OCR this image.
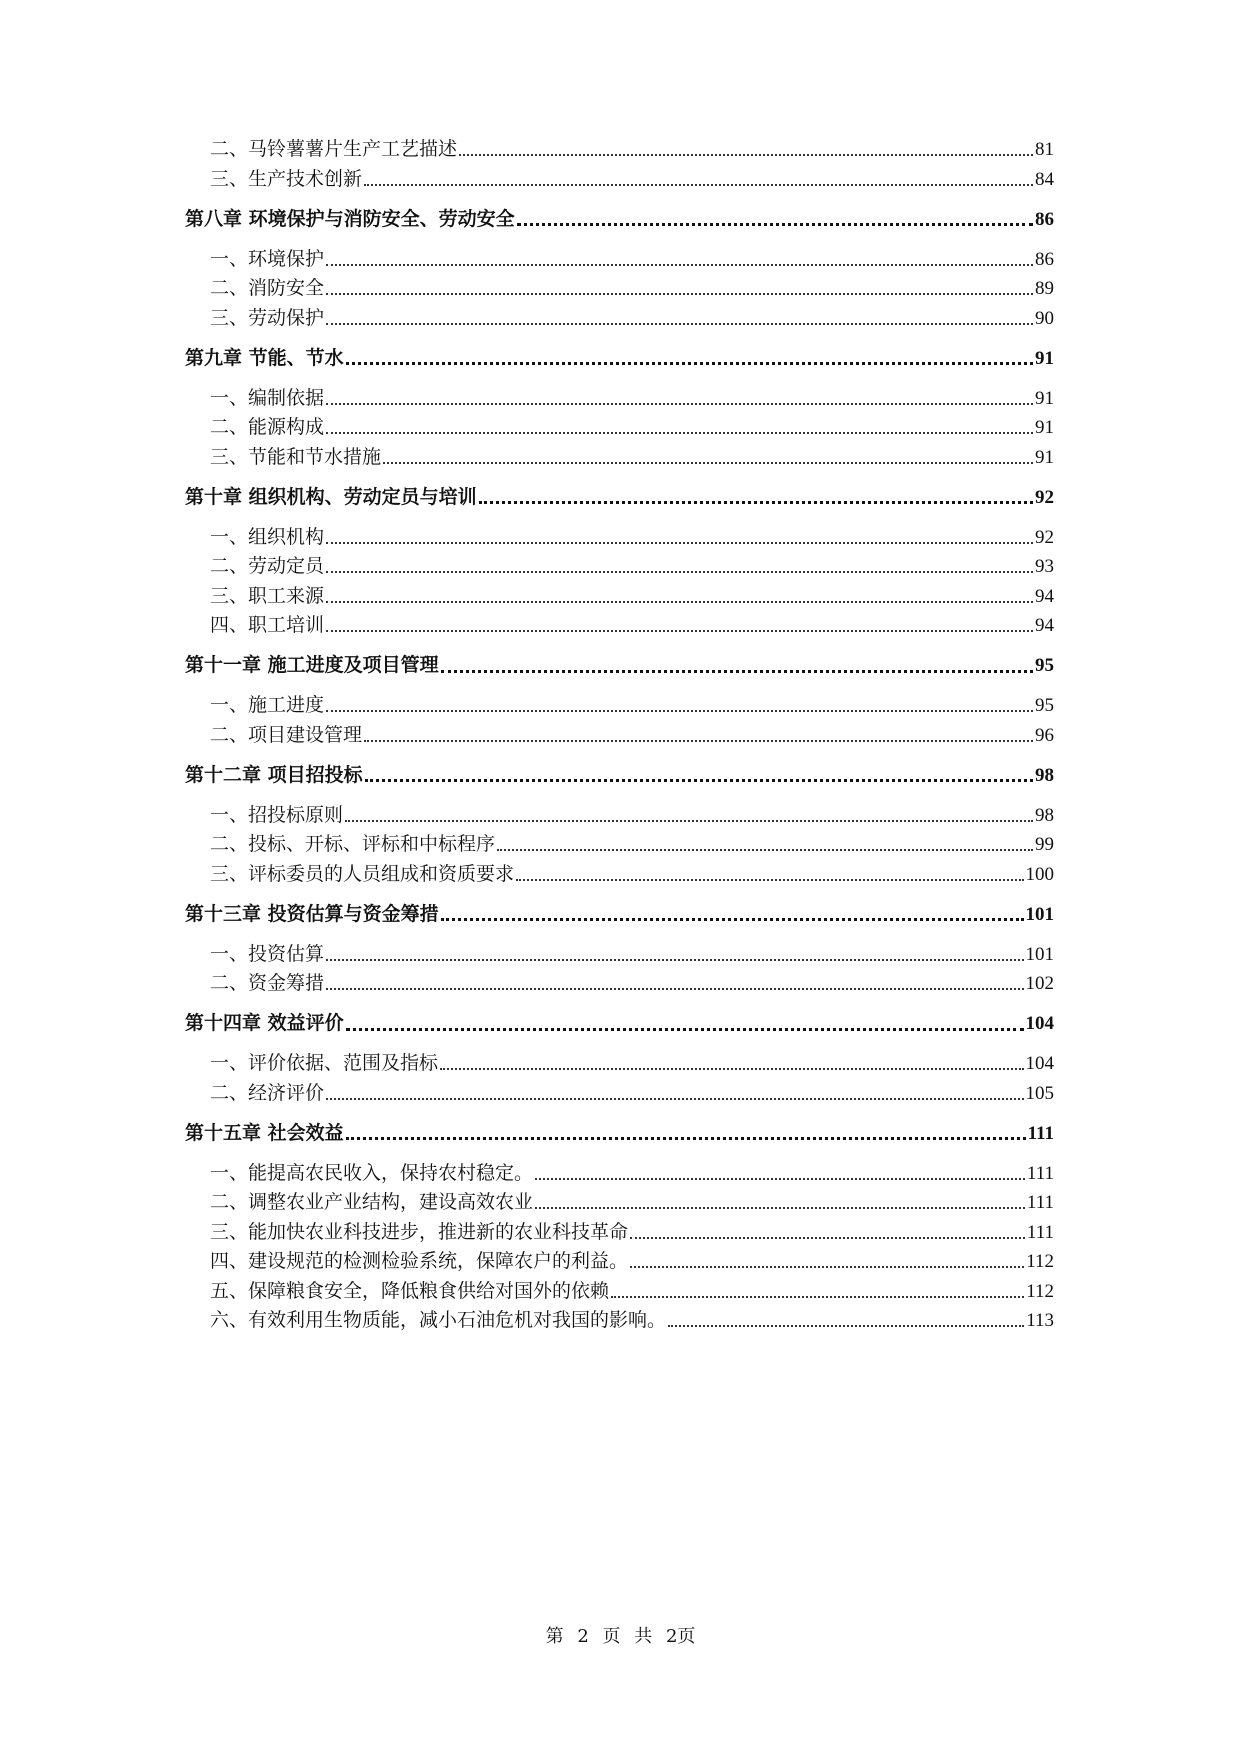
二、马铃薯薯片生产工艺描述	81
三、生产技术创新	84
第八章 环境保护与消防安全、劳动安全	86
一、环境保护	86
二、消防安全	89
三、劳动保护	90
第九章 节能、节水	91
一、编制依据	91
二、能源构成	91
三、节能和节水措施	91
第十章 组织机构、劳动定员与培训	92
一、组织机构	92
二、劳动定员	93
三、职工来源	94
四、职工培训	94
第十一章 施工进度及项目管理	95
一、施工进度	95
二、项目建设管理	96
第十二章 项目招投标	98
一、招投标原则	98
二、投标、开标、评标和中标程序	99
三、评标委员的人员组成和资质要求	100
第十三章 投资估算与资金筹措	101
一、投资估算	101
二、资金筹措	102
第十四章 效益评价	104
一、评价依据、范围及指标	104
二、经济评价	105
第十五章 社会效益	111
一、能提高农民收入，保持农村稳定。	111
二、调整农业产业结构，建设高效农业	111
三、能加快农业科技进步，推进新的农业科技革命	111
四、建设规范的检测检验系统，保障农户的利益。	112
五、保障粮食安全，降低粮食供给对国外的依赖	112
六、有效利用生物质能，减小石油危机对我国的影响。	113
第 2 页 共 2页
